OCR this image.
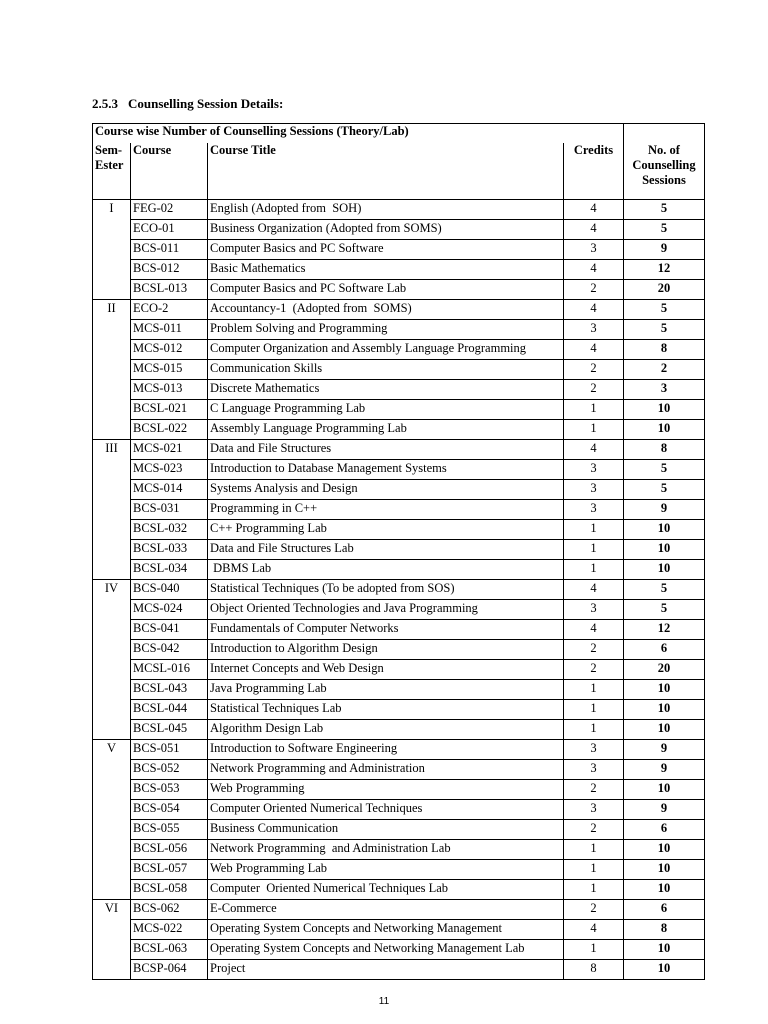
2.5.3 Counselling Session Details:
Course wise Number of Counselling Sessions (Theory/Lab)				
Sem-
Ester	Course	Course Title	Credits	No. of
Counselling
Sessions
I	FEG-02	English (Adopted from  SOH)	4	5
	ECO-01	Business Organization (Adopted from SOMS)	4	5
	BCS-011	Computer Basics and PC Software	3	9
	BCS-012	Basic Mathematics	4	12
	BCSL-013	Computer Basics and PC Software Lab	2	20
II	ECO-2	Accountancy-1  (Adopted from  SOMS)	4	5
	MCS-011	Problem Solving and Programming	3	5
	MCS-012	Computer Organization and Assembly Language Programming	4	8
	MCS-015	Communication Skills	2	2
	MCS-013	Discrete Mathematics	2	3
	BCSL-021	C Language Programming Lab	1	10
	BCSL-022	Assembly Language Programming Lab	1	10
III	MCS-021	Data and File Structures	4	8
	MCS-023	Introduction to Database Management Systems	3	5
	MCS-014	Systems Analysis and Design	3	5
	BCS-031	Programming in C++	3	9
	BCSL-032	C++ Programming Lab	1	10
	BCSL-033	Data and File Structures Lab	1	10
	BCSL-034	DBMS Lab	1	10
IV	BCS-040	Statistical Techniques (To be adopted from SOS)	4	5
	MCS-024	Object Oriented Technologies and Java Programming	3	5
	BCS-041	Fundamentals of Computer Networks	4	12
	BCS-042	Introduction to Algorithm Design	2	6
	MCSL-016	Internet Concepts and Web Design	2	20
	BCSL-043	Java Programming Lab	1	10
	BCSL-044	Statistical Techniques Lab	1	10
	BCSL-045	Algorithm Design Lab	1	10
V	BCS-051	Introduction to Software Engineering	3	9
	BCS-052	Network Programming and Administration	3	9
	BCS-053	Web Programming	2	10
	BCS-054	Computer Oriented Numerical Techniques	3	9
	BCS-055	Business Communication	2	6
	BCSL-056	Network Programming  and Administration Lab	1	10
	BCSL-057	Web Programming Lab	1	10
	BCSL-058	Computer  Oriented Numerical Techniques Lab	1	10
VI	BCS-062	E-Commerce	2	6
	MCS-022	Operating System Concepts and Networking Management	4	8
	BCSL-063	Operating System Concepts and Networking Management Lab	1	10
	BCSP-064	Project	8	10
11
